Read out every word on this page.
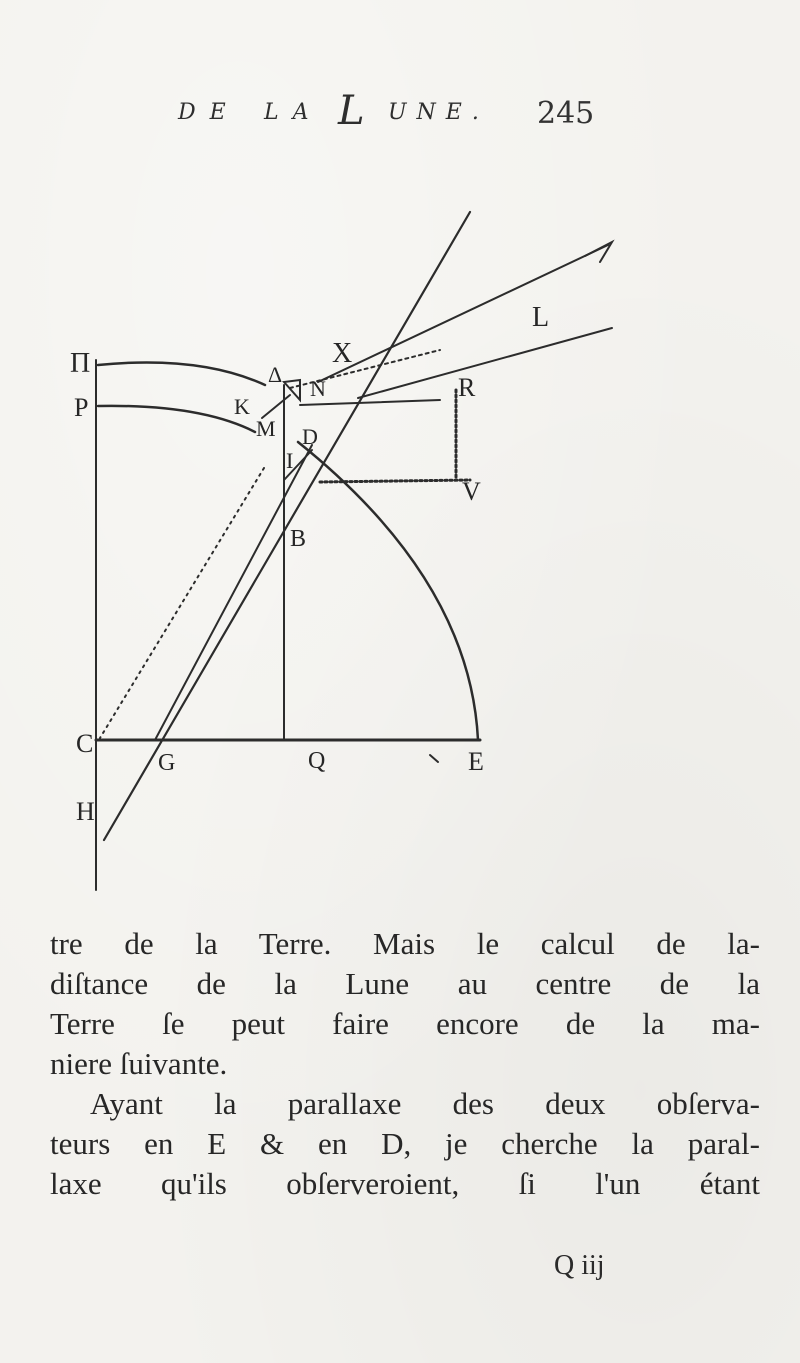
DE LA L UNE. 245
Π
P
C
H
X
L
Δ
K
N	R
D
M
I
V
B
G	Q	E
tre de la Terre. Mais le calcul de la-
diſtance de la Lune au centre de la
Terre ſe peut faire encore de la ma-
niere ſuivante.
Ayant la parallaxe des deux obſerva-
teurs en E & en D, je cherche la paral-
laxe qu'ils obſerveroient, ſi l'un étant
Q iij
